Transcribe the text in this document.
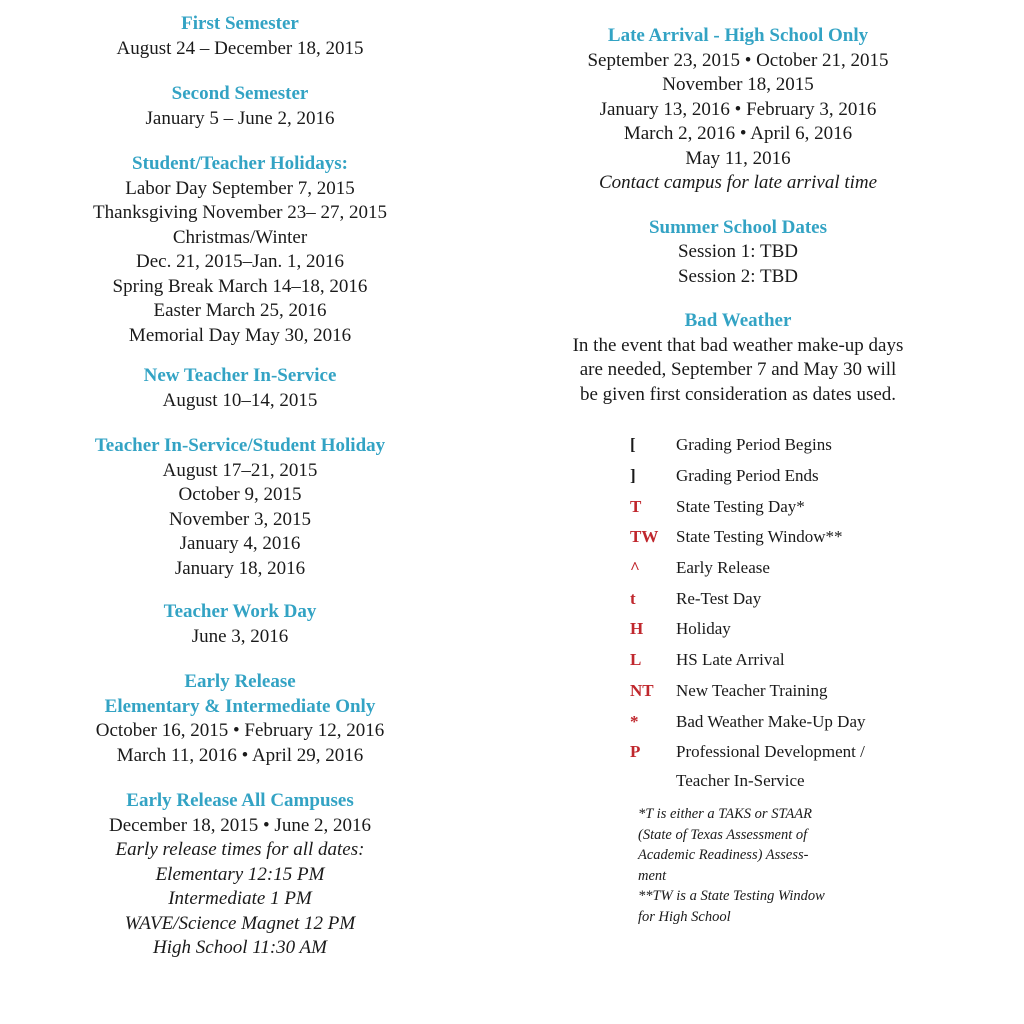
First Semester
August 24 – December 18, 2015
Second Semester
January 5 – June 2, 2016
Student/Teacher Holidays:
Labor Day September 7, 2015
Thanksgiving November 23– 27, 2015
Christmas/Winter
Dec. 21, 2015–Jan. 1, 2016
Spring Break March 14–18, 2016
Easter March 25, 2016
Memorial Day May 30, 2016
New Teacher In-Service
August 10–14, 2015
Teacher In-Service/Student Holiday
August 17–21, 2015
October 9, 2015
November 3, 2015
January 4, 2016
January 18, 2016
Teacher Work Day
June 3, 2016
Early Release
Elementary & Intermediate Only
October 16, 2015 • February 12, 2016
March 11, 2016 • April 29, 2016
Early Release All Campuses
December 18, 2015 • June 2, 2016
Early release times for all dates:
Elementary 12:15 PM
Intermediate 1 PM
WAVE/Science Magnet 12 PM
High School 11:30 AM
Late Arrival - High School Only
September 23, 2015 • October 21, 2015
November 18, 2015
January 13, 2016 • February 3, 2016
March 2, 2016 • April 6, 2016
May 11, 2016
Contact campus for late arrival time
Summer School Dates
Session 1: TBD
Session 2: TBD
Bad Weather
In the event that bad weather make-up days
are needed, September 7 and May 30 will
be given first consideration as dates used.
[	Grading Period Begins
]	Grading Period Ends
T	State Testing Day*
TW	State Testing Window**
^	Early Release
t	Re-Test Day
H	Holiday
L	HS Late Arrival
NT	New Teacher Training
*	Bad Weather Make-Up Day
P	Professional Development /
Teacher In-Service
*T is either a TAKS or STAAR
(State of Texas Assessment of
Academic Readiness) Assess-
ment
**TW is a State Testing Window
for High School
